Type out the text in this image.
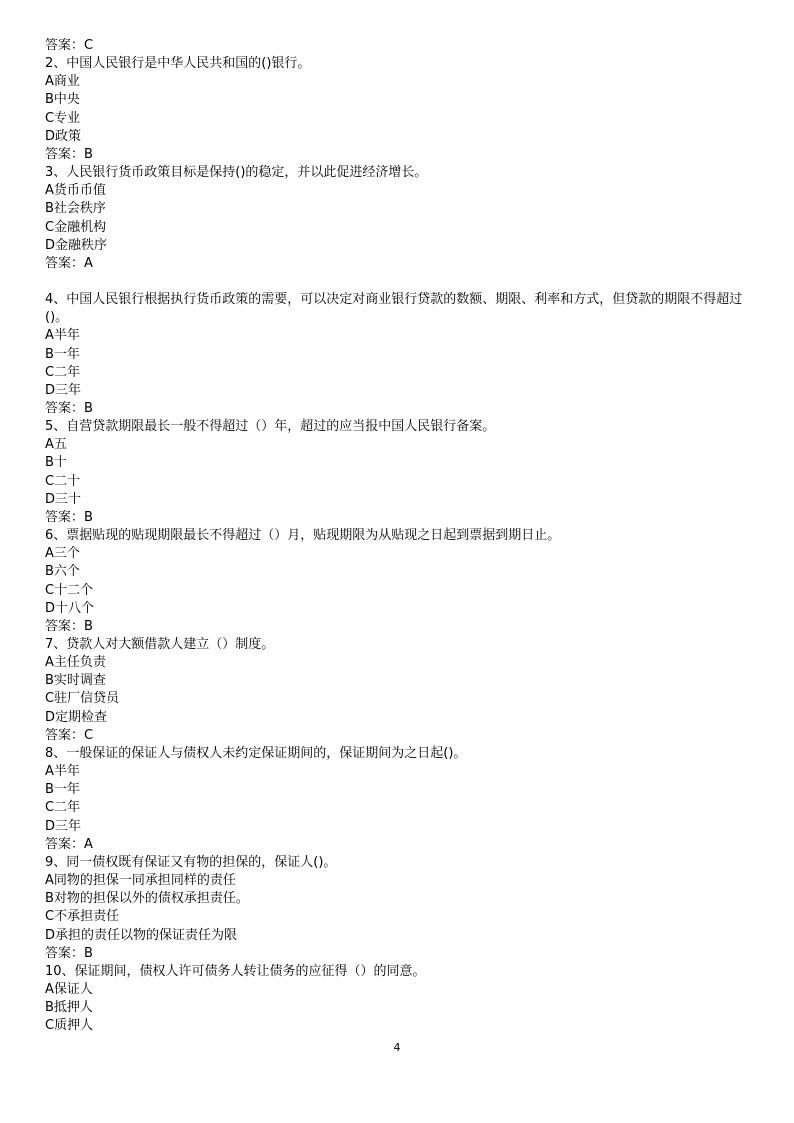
答案：C
2、中国人民银行是中华人民共和国的()银行。
A商业
B中央
C专业
D政策
答案：B
3、人民银行货币政策目标是保持()的稳定，并以此促进经济增长。
A货币币值
B社会秩序
C金融机构
D金融秩序
答案：A
4、中国人民银行根据执行货币政策的需要，可以决定对商业银行贷款的数额、期限、利率和方式，但贷款的期限不得超过()。
A半年
B一年
C二年
D三年
答案：B
5、自营贷款期限最长一般不得超过（）年，超过的应当报中国人民银行备案。
A五
B十
C二十
D三十
答案：B
6、票据贴现的贴现期限最长不得超过（）月，贴现期限为从贴现之日起到票据到期日止。
A三个
B六个
C十二个
D十八个
答案：B
7、贷款人对大额借款人建立（）制度。
A主任负责
B实时调查
C驻厂信贷员
D定期检查
答案：C
8、一般保证的保证人与债权人未约定保证期间的，保证期间为之日起()。
A半年
B一年
C二年
D三年
答案：A
9、同一债权既有保证又有物的担保的，保证人()。
A同物的担保一同承担同样的责任
B对物的担保以外的债权承担责任。
C不承担责任
D承担的责任以物的保证责任为限
答案：B
10、保证期间，债权人许可债务人转让债务的应征得（）的同意。
A保证人
B抵押人
C质押人
4
